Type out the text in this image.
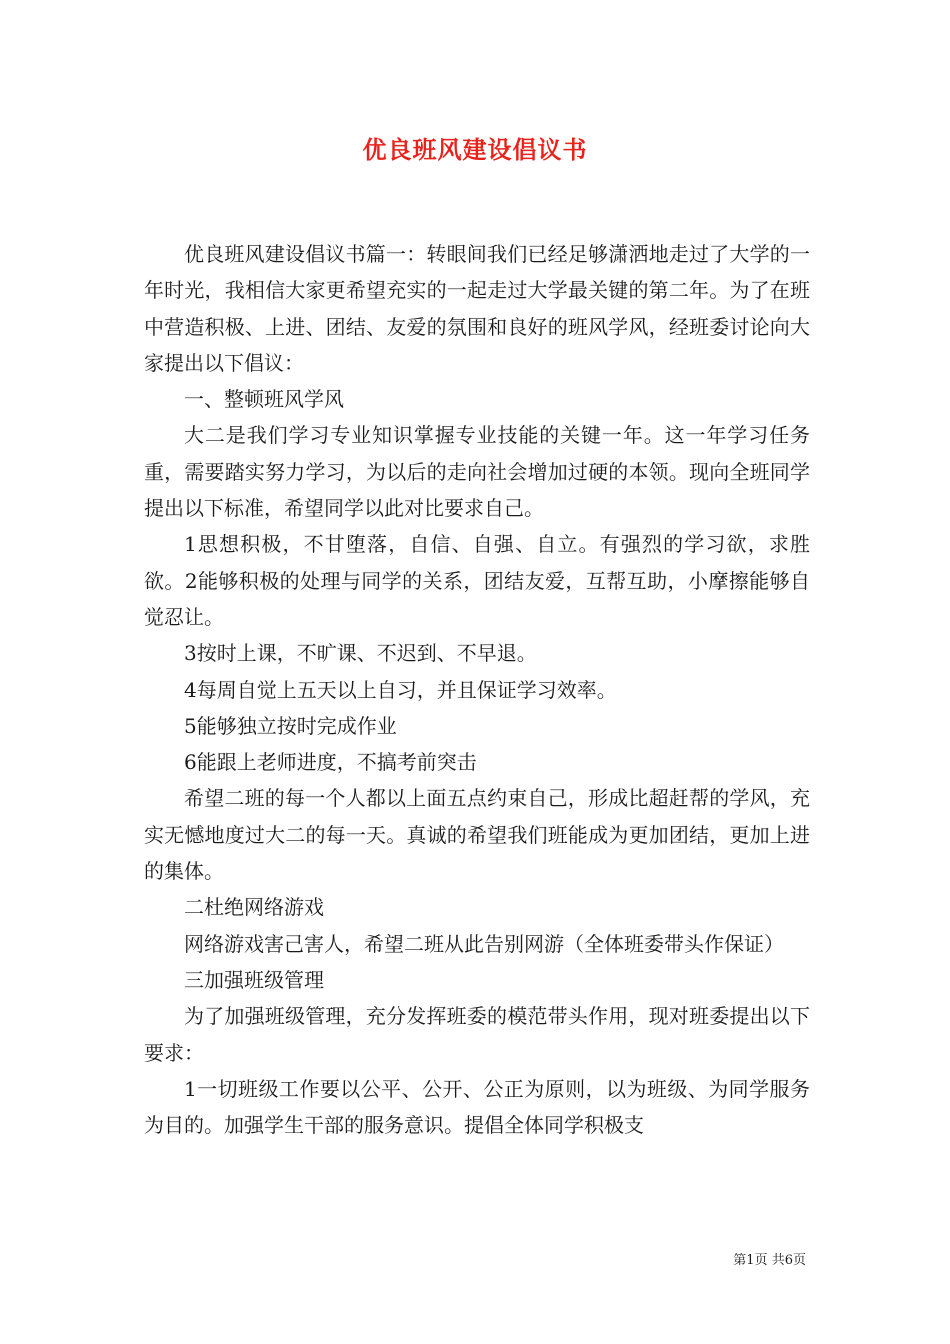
优良班风建设倡议书

优良班风建设倡议书篇一：转眼间我们已经足够潇洒地走过了大学的一年时光，我相信大家更希望充实的一起走过大学最关键的第二年。为了在班中营造积极、上进、团结、友爱的氛围和良好的班风学风，经班委讨论向大家提出以下倡议：

一、整顿班风学风

大二是我们学习专业知识掌握专业技能的关键一年。这一年学习任务重，需要踏实努力学习，为以后的走向社会增加过硬的本领。现向全班同学提出以下标准，希望同学以此对比要求自己。

1思想积极，不甘堕落，自信、自强、自立。有强烈的学习欲，求胜欲。2能够积极的处理与同学的关系，团结友爱，互帮互助，小摩擦能够自觉忍让。

3按时上课，不旷课、不迟到、不早退。

4每周自觉上五天以上自习，并且保证学习效率。

5能够独立按时完成作业

6能跟上老师进度，不搞考前突击

希望二班的每一个人都以上面五点约束自己，形成比超赶帮的学风，充实无憾地度过大二的每一天。真诚的希望我们班能成为更加团结，更加上进的集体。

二杜绝网络游戏

网络游戏害己害人，希望二班从此告别网游（全体班委带头作保证）

三加强班级管理

为了加强班级管理，充分发挥班委的模范带头作用，现对班委提出以下要求：

1一切班级工作要以公平、公开、公正为原则，以为班级、为同学服务为目的。加强学生干部的服务意识。提倡全体同学积极支

第1页 共6页
